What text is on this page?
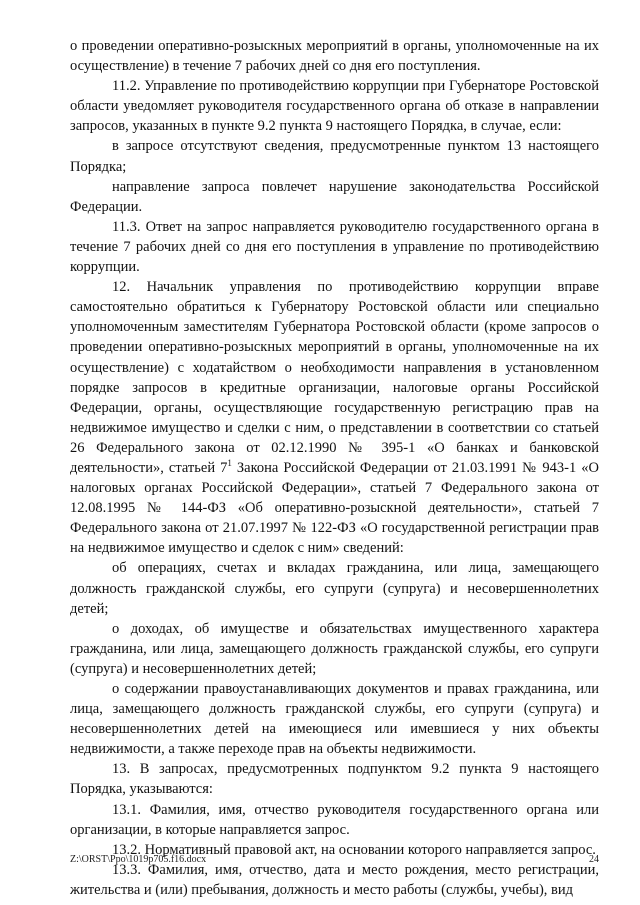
о проведении оперативно-розыскных мероприятий в органы, уполномоченные на их осуществление) в течение 7 рабочих дней со дня его поступления.

11.2. Управление по противодействию коррупции при Губернаторе Ростовской области уведомляет руководителя государственного органа об отказе в направлении запросов, указанных в пункте 9.2 пункта 9 настоящего Порядка, в случае, если:

в запросе отсутствуют сведения, предусмотренные пунктом 13 настоящего Порядка;

направление запроса повлечет нарушение законодательства Российской Федерации.

11.3. Ответ на запрос направляется руководителю государственного органа в течение 7 рабочих дней со дня его поступления в управление по противодействию коррупции.

12. Начальник управления по противодействию коррупции вправе самостоятельно обратиться к Губернатору Ростовской области или специально уполномоченным заместителям Губернатора Ростовской области (кроме запросов о проведении оперативно-розыскных мероприятий в органы, уполномоченные на их осуществление) с ходатайством о необходимости направления в установленном порядке запросов в кредитные организации, налоговые органы Российской Федерации, органы, осуществляющие государственную регистрацию прав на недвижимое имущество и сделки с ним, о представлении в соответствии со статьей 26 Федерального закона от 02.12.1990 № 395-1 «О банках и банковской деятельности», статьей $7^1$ Закона Российской Федерации от 21.03.1991 № 943-1 «О налоговых органах Российской Федерации», статьей 7 Федерального закона от 12.08.1995 № 144-ФЗ «Об оперативно-розыскной деятельности», статьей 7 Федерального закона от 21.07.1997 № 122-ФЗ «О государственной регистрации прав на недвижимое имущество и сделок с ним» сведений:

об операциях, счетах и вкладах гражданина, или лица, замещающего должность гражданской службы, его супруги (супруга) и несовершеннолетних детей;

о доходах, об имуществе и обязательствах имущественного характера гражданина, или лица, замещающего должность гражданской службы, его супруги (супруга) и несовершеннолетних детей;

о содержании правоустанавливающих документов и правах гражданина, или лица, замещающего должность гражданской службы, его супруги (супруга) и несовершеннолетних детей на имеющиеся или имевшиеся у них объекты недвижимости, а также переходе прав на объекты недвижимости.

13. В запросах, предусмотренных подпунктом 9.2 пункта 9 настоящего Порядка, указываются:

13.1. Фамилия, имя, отчество руководителя государственного органа или организации, в которые направляется запрос.

13.2. Нормативный правовой акт, на основании которого направляется запрос.

13.3. Фамилия, имя, отчество, дата и место рождения, место регистрации, жительства и (или) пребывания, должность и место работы (службы, учебы), вид

Z:\ORST\Ppo\1019p705.f16.docx	24
